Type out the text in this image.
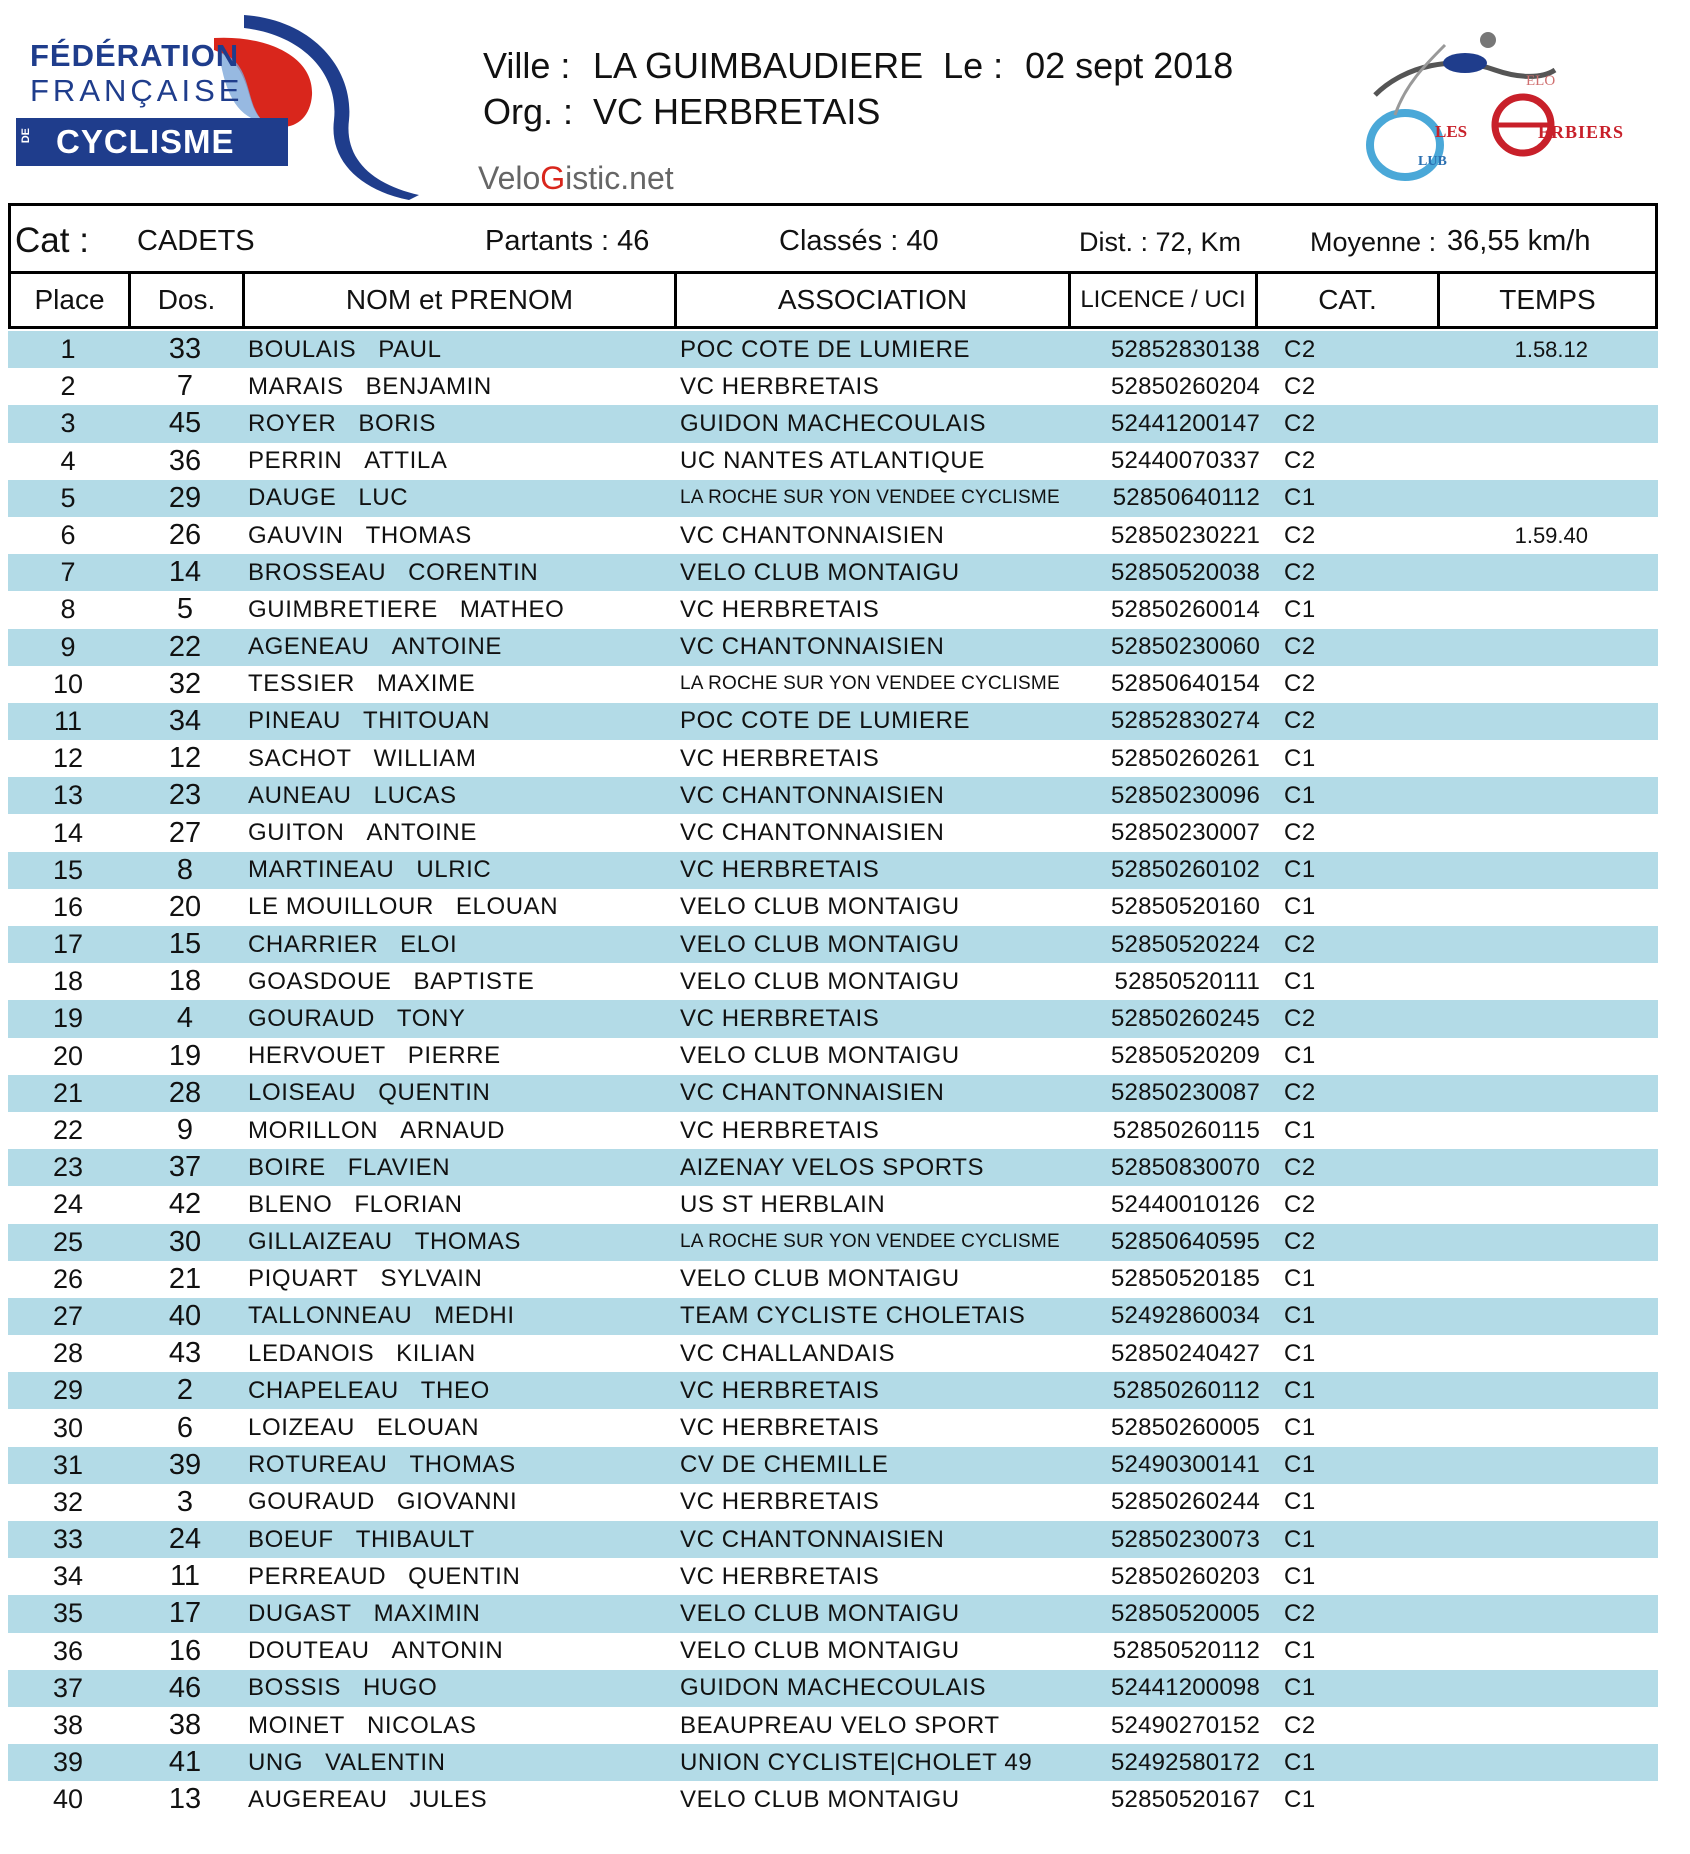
FÉDÉRATION
FRANÇAISE
DE CYCLISME
Ville : LA GUIMBAUDIERE Le : 02 sept 2018
Org. : VC HERBRETAIS
VeloGistic.net
ELO
LES	ERBIERS
LUB
Cat : CADETS	Partants : 46	Classés : 40	Dist. : 72, Km	Moyenne : 36,55 km/h
Place	Dos.	NOM et PRENOM	ASSOCIATION	LICENCE / UCI	CAT.	TEMPS
1	33	BOULAIS PAUL	POC COTE DE LUMIERE	52852830138	C2	1.58.12
2	7	MARAIS BENJAMIN	VC HERBRETAIS	52850260204	C2
3	45	ROYER BORIS	GUIDON MACHECOULAIS	52441200147	C2
4	36	PERRIN ATTILA	UC NANTES ATLANTIQUE	52440070337	C2
5	29	DAUGE LUC	LA ROCHE SUR YON VENDEE CYCLISME	52850640112	C1
6	26	GAUVIN THOMAS	VC CHANTONNAISIEN	52850230221	C2	1.59.40
7	14	BROSSEAU CORENTIN	VELO CLUB MONTAIGU	52850520038	C2
8	5	GUIMBRETIERE MATHEO	VC HERBRETAIS	52850260014	C1
9	22	AGENEAU ANTOINE	VC CHANTONNAISIEN	52850230060	C2
10	32	TESSIER MAXIME	LA ROCHE SUR YON VENDEE CYCLISME	52850640154	C2
11	34	PINEAU THITOUAN	POC COTE DE LUMIERE	52852830274	C2
12	12	SACHOT WILLIAM	VC HERBRETAIS	52850260261	C1
13	23	AUNEAU LUCAS	VC CHANTONNAISIEN	52850230096	C1
14	27	GUITON ANTOINE	VC CHANTONNAISIEN	52850230007	C2
15	8	MARTINEAU ULRIC	VC HERBRETAIS	52850260102	C1
16	20	LE MOUILLOUR ELOUAN	VELO CLUB MONTAIGU	52850520160	C1
17	15	CHARRIER ELOI	VELO CLUB MONTAIGU	52850520224	C2
18	18	GOASDOUE BAPTISTE	VELO CLUB MONTAIGU	52850520111	C1
19	4	GOURAUD TONY	VC HERBRETAIS	52850260245	C2
20	19	HERVOUET PIERRE	VELO CLUB MONTAIGU	52850520209	C1
21	28	LOISEAU QUENTIN	VC CHANTONNAISIEN	52850230087	C2
22	9	MORILLON ARNAUD	VC HERBRETAIS	52850260115	C1
23	37	BOIRE FLAVIEN	AIZENAY VELOS SPORTS	52850830070	C2
24	42	BLENO FLORIAN	US ST HERBLAIN	52440010126	C2
25	30	GILLAIZEAU THOMAS	LA ROCHE SUR YON VENDEE CYCLISME	52850640595	C2
26	21	PIQUART SYLVAIN	VELO CLUB MONTAIGU	52850520185	C1
27	40	TALLONNEAU MEDHI	TEAM CYCLISTE CHOLETAIS	52492860034	C1
28	43	LEDANOIS KILIAN	VC CHALLANDAIS	52850240427	C1
29	2	CHAPELEAU THEO	VC HERBRETAIS	52850260112	C1
30	6	LOIZEAU ELOUAN	VC HERBRETAIS	52850260005	C1
31	39	ROTUREAU THOMAS	CV DE CHEMILLE	52490300141	C1
32	3	GOURAUD GIOVANNI	VC HERBRETAIS	52850260244	C1
33	24	BOEUF THIBAULT	VC CHANTONNAISIEN	52850230073	C1
34	11	PERREAUD QUENTIN	VC HERBRETAIS	52850260203	C1
35	17	DUGAST MAXIMIN	VELO CLUB MONTAIGU	52850520005	C2
36	16	DOUTEAU ANTONIN	VELO CLUB MONTAIGU	52850520112	C1
37	46	BOSSIS HUGO	GUIDON MACHECOULAIS	52441200098	C1
38	38	MOINET NICOLAS	BEAUPREAU VELO SPORT	52490270152	C2
39	41	UNG VALENTIN	UNION CYCLISTE|CHOLET 49	52492580172	C1
40	13	AUGEREAU JULES	VELO CLUB MONTAIGU	52850520167	C1
